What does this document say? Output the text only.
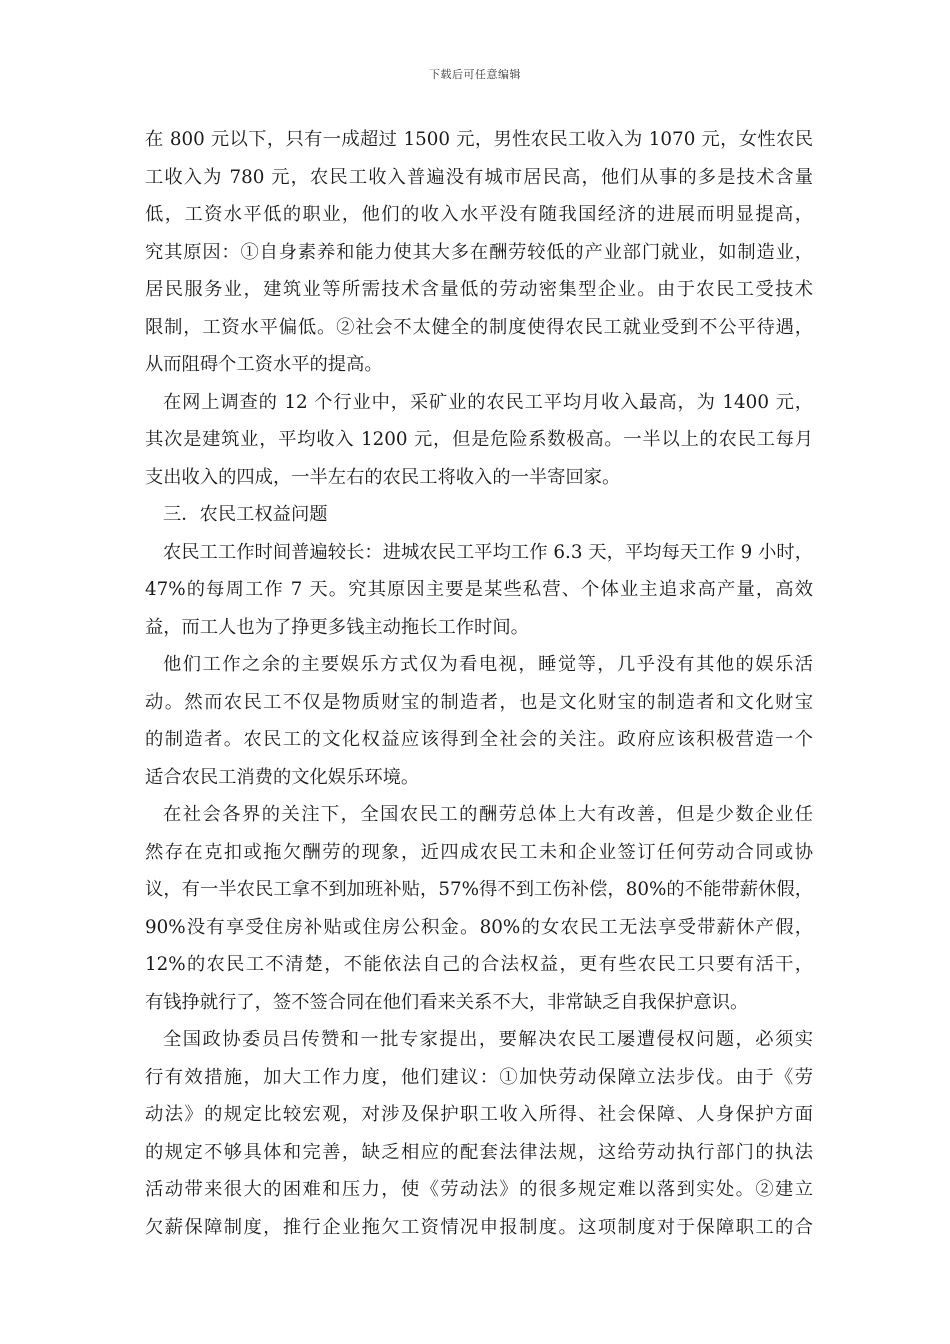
下载后可任意编辑
在 800 元以下，只有一成超过 1500 元，男性农民工收入为 1070 元，女性农民
工收入为 780 元，农民工收入普遍没有城市居民高，他们从事的多是技术含量
低，工资水平低的职业，他们的收入水平没有随我国经济的进展而明显提高，
究其原因：①自身素养和能力使其大多在酬劳较低的产业部门就业，如制造业，
居民服务业，建筑业等所需技术含量低的劳动密集型企业。由于农民工受技术
限制，工资水平偏低。②社会不太健全的制度使得农民工就业受到不公平待遇，
从而阻碍个工资水平的提高。
在网上调查的 12 个行业中，采矿业的农民工平均月收入最高，为 1400 元，
其次是建筑业，平均收入 1200 元，但是危险系数极高。一半以上的农民工每月
支出收入的四成，一半左右的农民工将收入的一半寄回家。
三．农民工权益问题
农民工工作时间普遍较长：进城农民工平均工作 6.3 天，平均每天工作 9 小时，
47%的每周工作 7 天。究其原因主要是某些私营、个体业主追求高产量，高效
益，而工人也为了挣更多钱主动拖长工作时间。
他们工作之余的主要娱乐方式仅为看电视，睡觉等，几乎没有其他的娱乐活
动。然而农民工不仅是物质财宝的制造者，也是文化财宝的制造者和文化财宝
的制造者。农民工的文化权益应该得到全社会的关注。政府应该积极营造一个
适合农民工消费的文化娱乐环境。
在社会各界的关注下，全国农民工的酬劳总体上大有改善，但是少数企业任
然存在克扣或拖欠酬劳的现象，近四成农民工未和企业签订任何劳动合同或协
议，有一半农民工拿不到加班补贴，57%得不到工伤补偿，80%的不能带薪休假，
90%没有享受住房补贴或住房公积金。80%的女农民工无法享受带薪休产假，
12%的农民工不清楚，不能依法自己的合法权益，更有些农民工只要有活干，
有钱挣就行了，签不签合同在他们看来关系不大，非常缺乏自我保护意识。
全国政协委员吕传赞和一批专家提出，要解决农民工屡遭侵权问题，必须实
行有效措施，加大工作力度，他们建议：①加快劳动保障立法步伐。由于《劳
动法》的规定比较宏观，对涉及保护职工收入所得、社会保障、人身保护方面
的规定不够具体和完善，缺乏相应的配套法律法规，这给劳动执行部门的执法
活动带来很大的困难和压力，使《劳动法》的很多规定难以落到实处。②建立
欠薪保障制度，推行企业拖欠工资情况申报制度。这项制度对于保障职工的合
